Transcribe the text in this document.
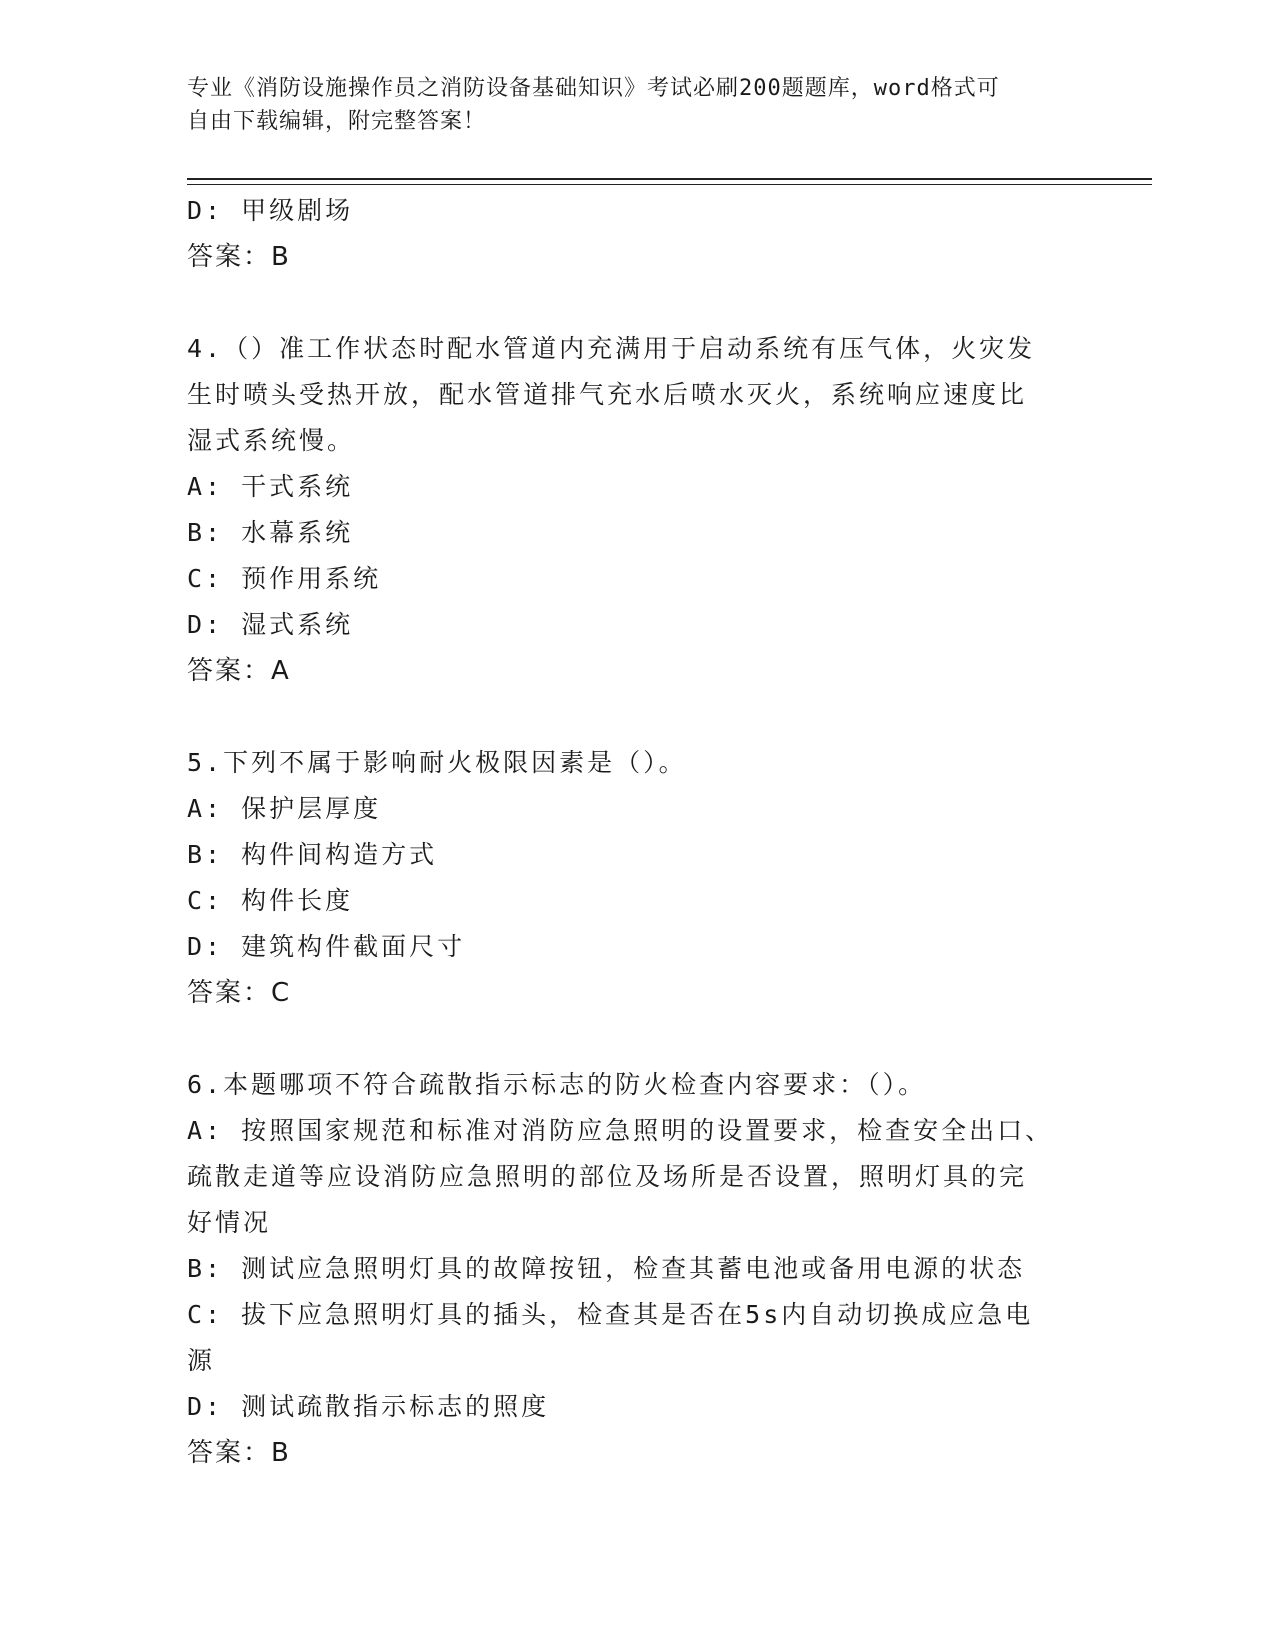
专业《消防设施操作员之消防设备基础知识》考试必刷200题题库，word格式可
自由下载编辑，附完整答案！
D: 甲级剧场
答案：B
4.（）准工作状态时配水管道内充满用于启动系统有压气体，火灾发
生时喷头受热开放，配水管道排气充水后喷水灭火，系统响应速度比
湿式系统慢。
A: 干式系统
B: 水幕系统
C: 预作用系统
D: 湿式系统
答案：A
5.下列不属于影响耐火极限因素是（）。
A: 保护层厚度
B: 构件间构造方式
C: 构件长度
D: 建筑构件截面尺寸
答案：C
6.本题哪项不符合疏散指示标志的防火检查内容要求：（）。
A: 按照国家规范和标准对消防应急照明的设置要求，检查安全出口、
疏散走道等应设消防应急照明的部位及场所是否设置，照明灯具的完
好情况
B: 测试应急照明灯具的故障按钮，检查其蓄电池或备用电源的状态
C: 拔下应急照明灯具的插头，检查其是否在5s内自动切换成应急电
源
D: 测试疏散指示标志的照度
答案：B
